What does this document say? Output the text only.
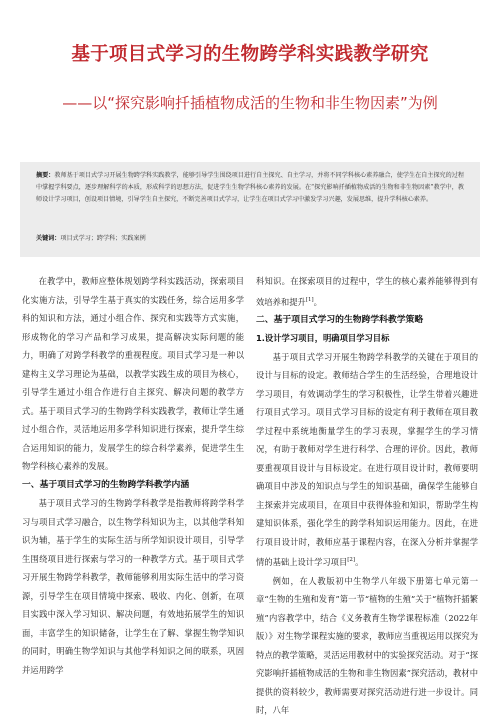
基于项目式学习的生物跨学科实践教学研究
——以“探究影响扦插植物成活的生物和非生物因素”为例
摘要：教师基于项目式学习开展生物跨学科实践教学，能够引导学生围绕项目进行自主探究、自主学习，并将不同学科核心素养融合，使学生在自主探究的过程中掌握学科要点，逐步理解科学的本质，形成科学的思想方法，促进学生生物学科核心素养的发展。在“探究影响扦插植物成活的生物和非生物因素”教学中，教师设计学习项目，创设项目情境，引导学生自主探究，不断完善项目式学习，让学生在项目式学习中激发学习兴趣，发展思维，提升学科核心素养。
关键词：项目式学习；跨学科；实践案例

在教学中，教师应整体规划跨学科实践活动，探索项目化实施方法，引导学生基于真实的实践任务，综合运用多学科的知识和方法，通过小组合作、探究和实践等方式实施，形成物化的学习产品和学习成果，提高解决实际问题的能力，明确了对跨学科教学的重视程度。项目式学习是一种以建构主义学习理论为基础，以教学实践生成的项目为核心，引导学生通过小组合作进行自主探究、解决问题的教学方式。基于项目式学习的生物跨学科实践教学，教师让学生通过小组合作，灵活地运用多学科知识进行探索，提升学生综合运用知识的能力，发展学生的综合科学素养，促进学生生物学科核心素养的发展。

一、基于项目式学习的生物跨学科教学内涵

基于项目式学习的生物跨学科教学是指教师将跨学科学习与项目式学习融合，以生物学科知识为主，以其他学科知识为辅，基于学生的实际生活与所学知识设计项目，引导学生围绕项目进行探索与学习的一种教学方式。基于项目式学习开展生物跨学科教学，教师能够利用实际生活中的学习资源，引导学生在项目情境中探索、吸收、内化、创新，在项目实践中深入学习知识、解决问题，有效地拓展学生的知识面，丰富学生的知识储备，让学生在了解、掌握生物学知识的同时，明确生物学知识与其他学科知识之间的联系，巩固并运用跨学

科知识。在探索项目的过程中，学生的核心素养能够得到有效培养和提升[1]。

二、基于项目式学习的生物跨学科教学策略

1.设计学习项目，明确项目学习目标

基于项目式学习开展生物跨学科教学的关键在于项目的设计与目标的设定。教师结合学生的生活经验，合理地设计学习项目，有效调动学生的学习积极性，让学生带着兴趣进行项目式学习。项目式学习目标的设定有利于教师在项目教学过程中系统地衡量学生的学习表现，掌握学生的学习情况，有助于教师对学生进行科学、合理的评价。因此，教师要重视项目设计与目标设定。在进行项目设计时，教师要明确项目中涉及的知识点与学生的知识基础，确保学生能够自主探索并完成项目，在项目中获得体验和知识，帮助学生构建知识体系，强化学生的跨学科知识运用能力。因此，在进行项目设计时，教师应基于课程内容，在深入分析并掌握学情的基础上设计学习项目[2]。

例如，在人教版初中生物学八年级下册第七单元第一章“生物的生殖和发育”第一节“植物的生殖”关于“植物扦插繁殖”内容教学中，结合《义务教育生物学课程标准（2022年版）》对生物学课程实施的要求，教师应当重视运用以探究为特点的教学策略，灵活运用教材中的实验探究活动。对于“探究影响扦插植物成活的生物和非生物因素”探究活动，教材中提供的资料较少，教师需要对探究活动进行进一步设计。同时，八年
